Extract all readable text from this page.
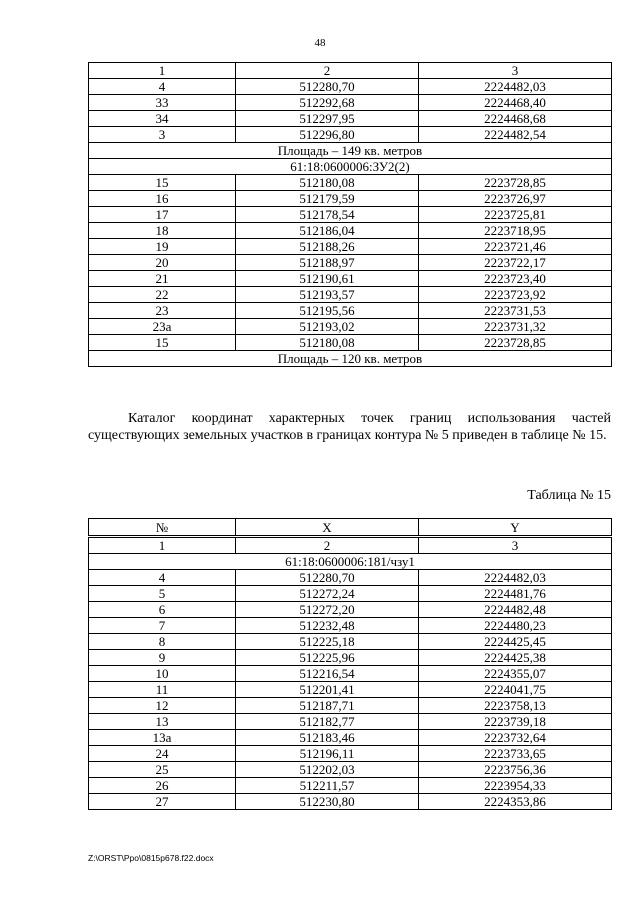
48
1	2	3
4	512280,70	2224482,03
33	512292,68	2224468,40
34	512297,95	2224468,68
3	512296,80	2224482,54
Площадь – 149 кв. метров		
61:18:0600006:ЗУ2(2)		
15	512180,08	2223728,85
16	512179,59	2223726,97
17	512178,54	2223725,81
18	512186,04	2223718,95
19	512188,26	2223721,46
20	512188,97	2223722,17
21	512190,61	2223723,40
22	512193,57	2223723,92
23	512195,56	2223731,53
23а	512193,02	2223731,32
15	512180,08	2223728,85
Площадь – 120 кв. метров		

Каталог координат характерных точек границ использования частей существующих земельных участков в границах контура № 5 приведен в таблице № 15.

Таблица № 15
№	X	Y
1	2	3
61:18:0600006:181/чзу1		
4	512280,70	2224482,03
5	512272,24	2224481,76
6	512272,20	2224482,48
7	512232,48	2224480,23
8	512225,18	2224425,45
9	512225,96	2224425,38
10	512216,54	2224355,07
11	512201,41	2224041,75
12	512187,71	2223758,13
13	512182,77	2223739,18
13а	512183,46	2223732,64
24	512196,11	2223733,65
25	512202,03	2223756,36
26	512211,57	2223954,33
27	512230,80	2224353,86
Z:\ORST\Ppo\0815p678.f22.docx
